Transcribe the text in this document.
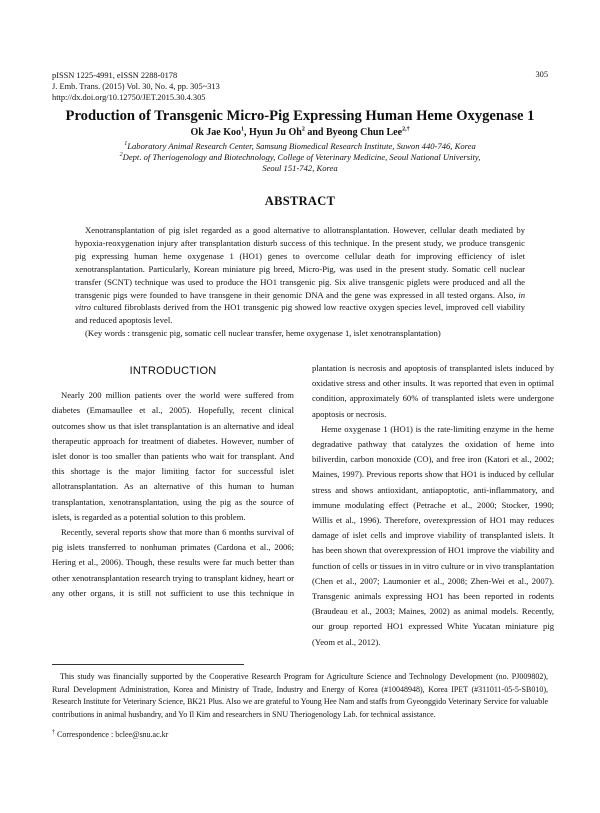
pISSN 1225-4991, eISSN 2288-0178
J. Emb. Trans. (2015) Vol. 30, No. 4, pp. 305~313
http://dx.doi.org/10.12750/JET.2015.30.4.305
305
Production of Transgenic Micro-Pig Expressing Human Heme Oxygenase 1
Ok Jae Koo$^1$, Hyun Ju Oh$^2$ and Byeong Chun Lee$^{2,\dagger}$
$^1$Laboratory Animal Research Center, Samsung Biomedical Research Institute, Suwon 440-746, Korea
$^2$Dept. of Theriogenology and Biotechnology, College of Veterinary Medicine, Seoul National University,
Seoul 151-742, Korea
ABSTRACT
Xenotransplantation of pig islet regarded as a good alternative to allotransplantation. However, cellular death mediated by hypoxia-reoxygenation injury after transplantation disturb success of this technique. In the present study, we produce transgenic pig expressing human heme oxygenase 1 (HO1) genes to overcome cellular death for improving efficiency of islet xenotransplantation. Particularly, Korean miniature pig breed, Micro-Pig, was used in the present study. Somatic cell nuclear transfer (SCNT) technique was used to produce the HO1 transgenic pig. Six alive transgenic piglets were produced and all the transgenic pigs were founded to have transgene in their genomic DNA and the gene was expressed in all tested organs. Also, in vitro cultured fibroblasts derived from the HO1 transgenic pig showed low reactive oxygen species level, improved cell viability and reduced apoptosis level.
(Key words : transgenic pig, somatic cell nuclear transfer, heme oxygenase 1, islet xenotransplantation)
INTRODUCTION

Nearly 200 million patients over the world were suffered from diabetes (Emamaullee et al., 2005). Hopefully, recent clinical outcomes show us that islet transplantation is an alternative and ideal therapeutic approach for treatment of diabetes. However, number of islet donor is too smaller than patients who wait for transplant. And this shortage is the major limiting factor for successful islet allotransplantation. As an alternative of this human to human transplantation, xenotransplantation, using the pig as the source of islets, is regarded as a potential solution to this problem.

Recently, several reports show that more than 6 months survival of pig islets transferred to nonhuman primates (Cardona et al., 2006; Hering et al., 2006). Though, these results were far much better than other xenotransplantation research trying to transplant kidney, heart or any other organs, it is still not sufficient to use this technique in

plantation is necrosis and apoptosis of transplanted islets induced by oxidative stress and other insults. It was reported that even in optimal condition, approximately 60% of transplanted islets were undergone apoptosis or necrosis.

Heme oxygenase 1 (HO1) is the rate-limiting enzyme in the heme degradative pathway that catalyzes the oxidation of heme into biliverdin, carbon monoxide (CO), and free iron (Katori et al., 2002; Maines, 1997). Previous reports show that HO1 is induced by cellular stress and shows antioxidant, antiapoptotic, anti-inflammatory, and immune modulating effect (Petrache et al., 2000; Stocker, 1990; Willis et al., 1996). Therefore, overexpression of HO1 may reduces damage of islet cells and improve viability of transplanted islets. It has been shown that overexpression of HO1 improve the viability and function of cells or tissues in in vitro culture or in vivo transplantation (Chen et al., 2007; Laumonier et al., 2008; Zhen-Wei et al., 2007). Transgenic animals expressing HO1 has been reported in rodents (Braudeau et al., 2003; Maines, 2002) as animal models. Recently, our group reported HO1 expressed White Yucatan miniature pig (Yeom et al., 2012).

This study was financially supported by the Cooperative Research Program for Agriculture Science and Technology Development (no. PJ009802), Rural Development Administration, Korea and Ministry of Trade, Industry and Energy of Korea (#10048948), Korea IPET (#311011-05-5-SB010), Research Institute for Veterinary Science, BK21 Plus. Also we are grateful to Young Hee Nam and staffs from Gyeonggido Veterinary Service for valuable contributions in animal husbandry, and Yo Il Kim and researchers in SNU Theriogenology Lab. for technical assistance.
† Correspondence : bclee@snu.ac.kr
